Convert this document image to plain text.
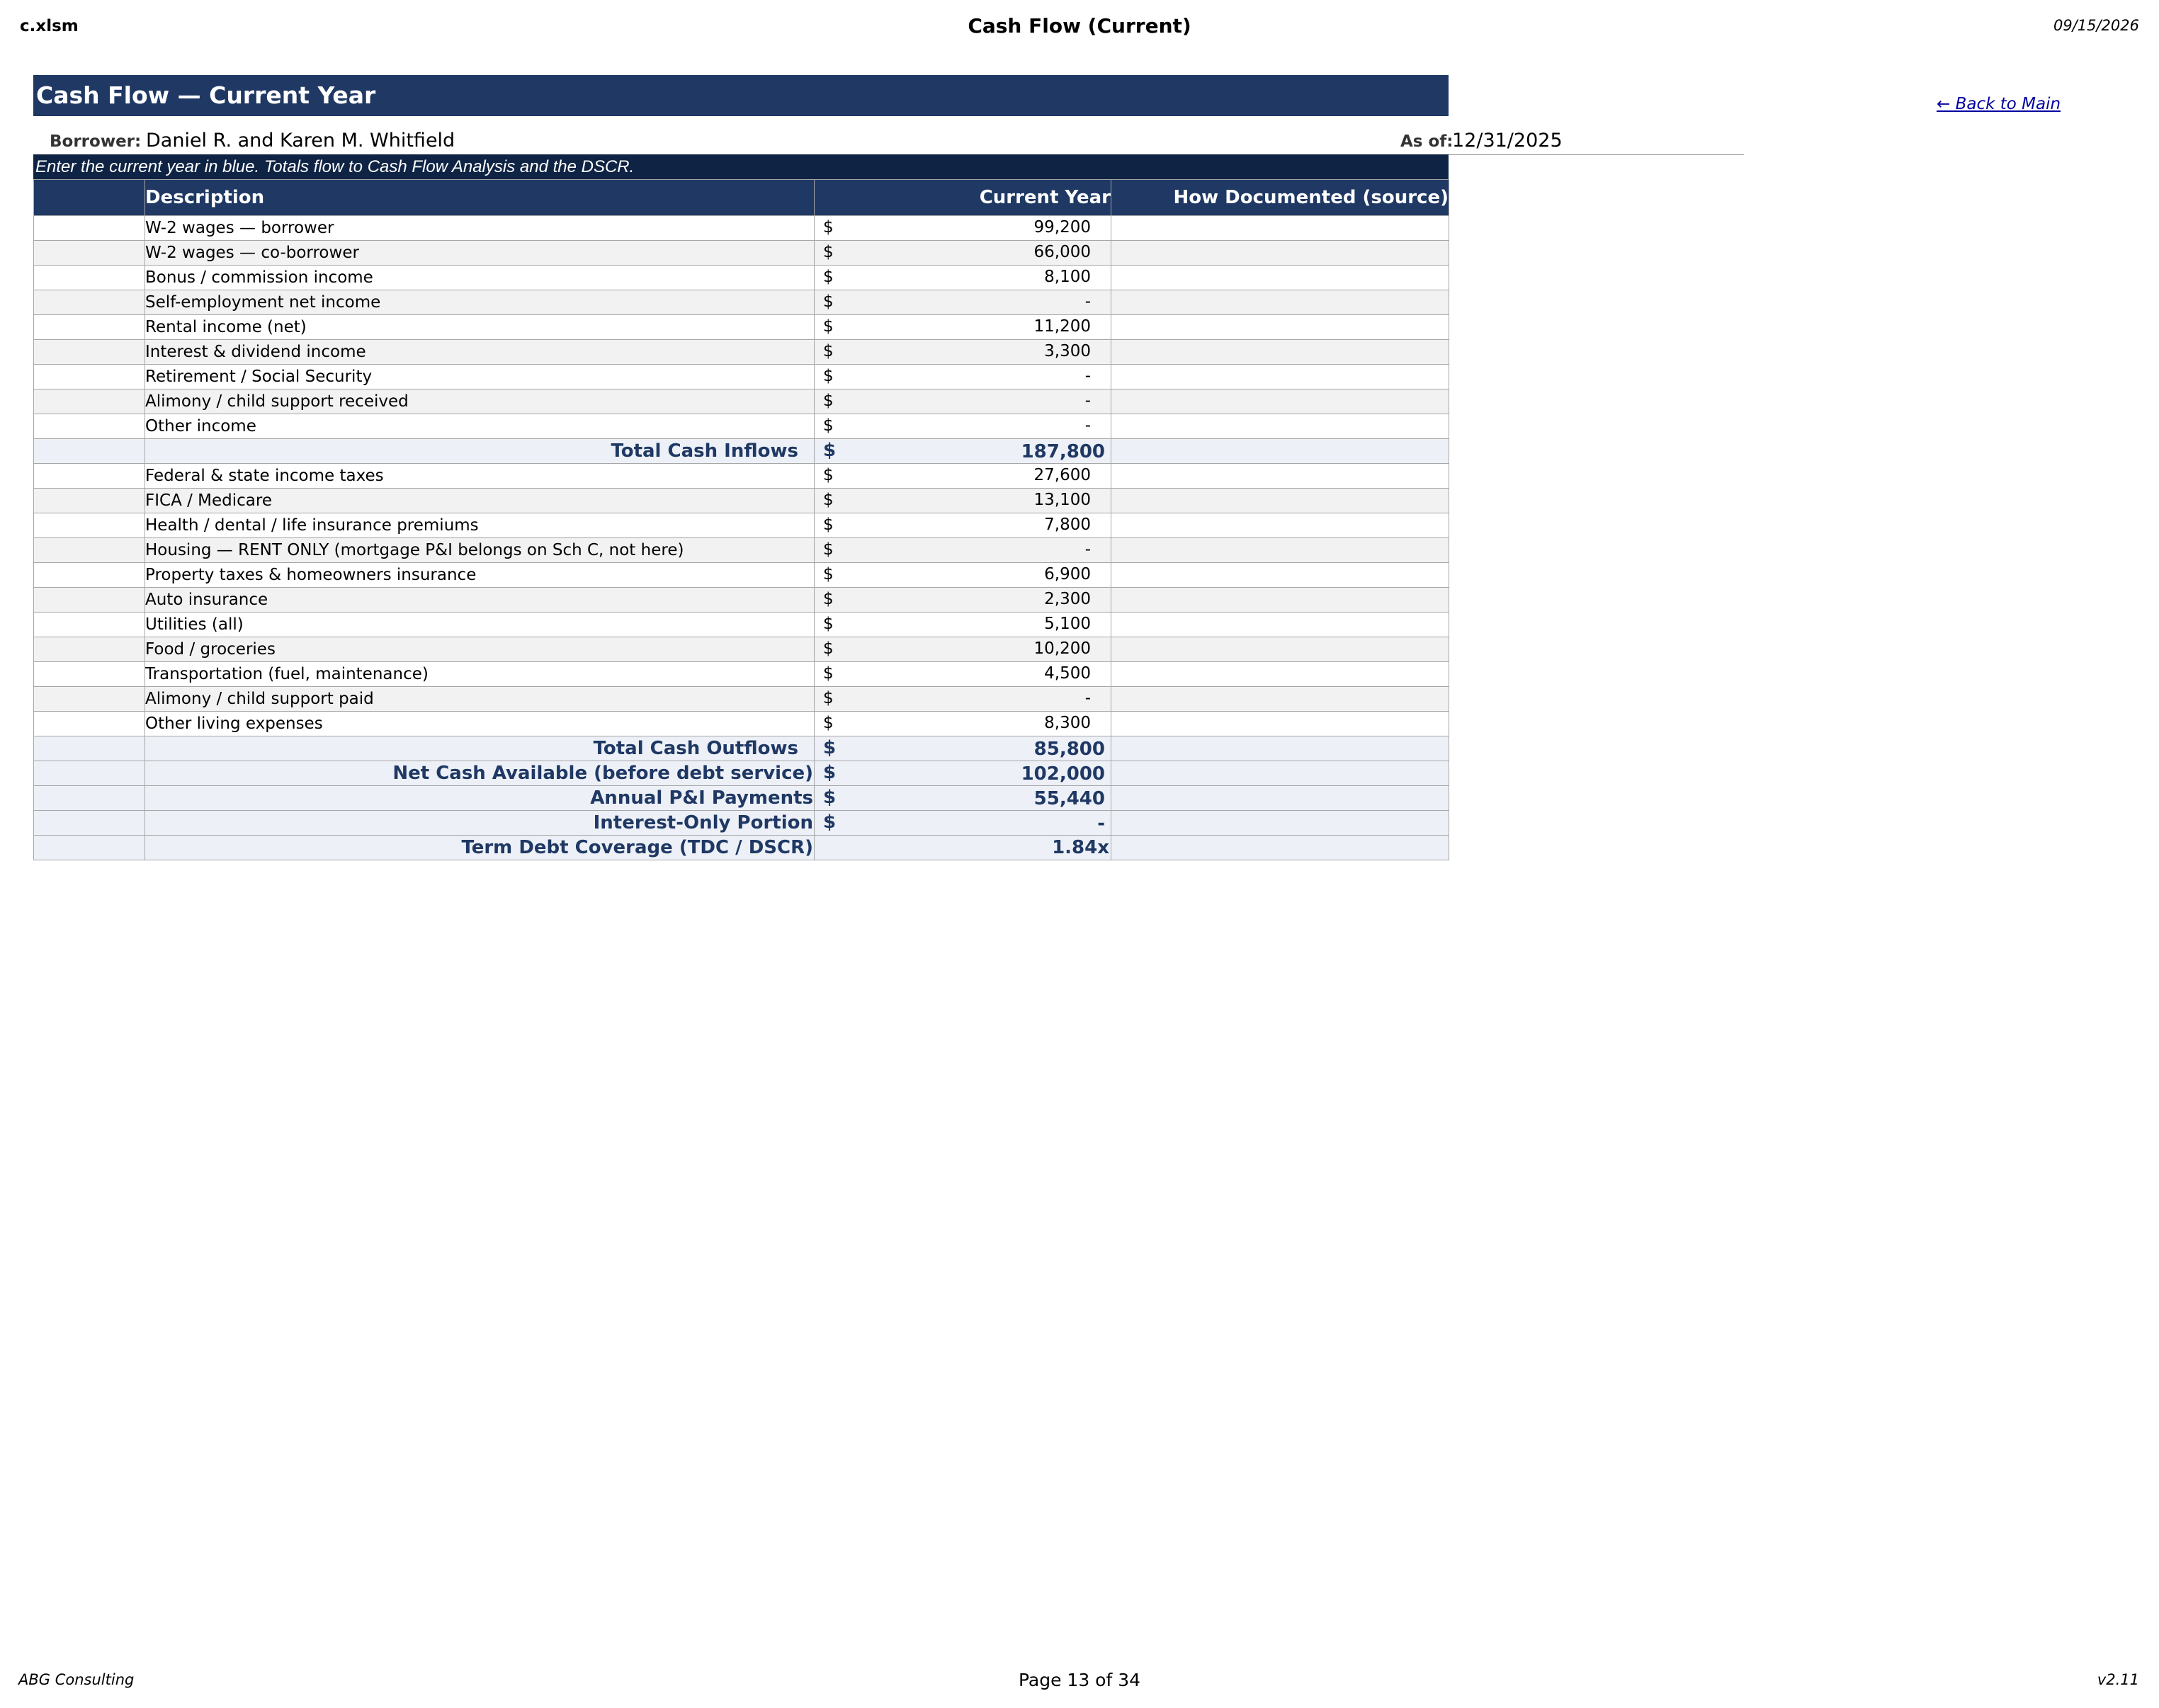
c.xlsm	Cash Flow (Current)	09/15/2026
Cash Flow — Current Year	← Back to Main
Borrower: Daniel R. and Karen M. Whitfield	As of:
12/31/2025
Enter the current year in blue. Totals flow to Cash Flow Analysis and the DSCR.
	Description	Current Year	How Documented (source)
	W-2 wages — borrower	$ 99,200	

	W-2 wages — co-borrower	$ 66,000	

	Bonus / commission income	$ 8,100	

	Self-employment net income	$ -	

	Rental income (net)	$ 11,200	

	Interest & dividend income	$ 3,300	

	Retirement / Social Security	$ -	

	Alimony / child support received	$ -	

	Other income	$ -	

	Total Cash Inflows	$ 187,800	

	Federal & state income taxes	$ 27,600	

	FICA / Medicare	$ 13,100	

	Health / dental / life insurance premiums	$ 7,800	

	Housing — RENT ONLY (mortgage P&I belongs on Sch C, not here)	$ -	

	Property taxes & homeowners insurance	$ 6,900	

	Auto insurance	$ 2,300	

	Utilities (all)	$ 5,100	

	Food / groceries	$ 10,200	

	Transportation (fuel, maintenance)	$ 4,500	

	Alimony / child support paid	$ -	

	Other living expenses	$ 8,300	

	Total Cash Outflows	$ 85,800	

	Net Cash Available (before debt service)	$ 102,000	

	Annual P&I Payments	$ 55,440	

	Interest-Only Portion	$ -	

	Term Debt Coverage (TDC / DSCR)	1.84x	
ABG Consulting	Page 13 of 34	v2.11
